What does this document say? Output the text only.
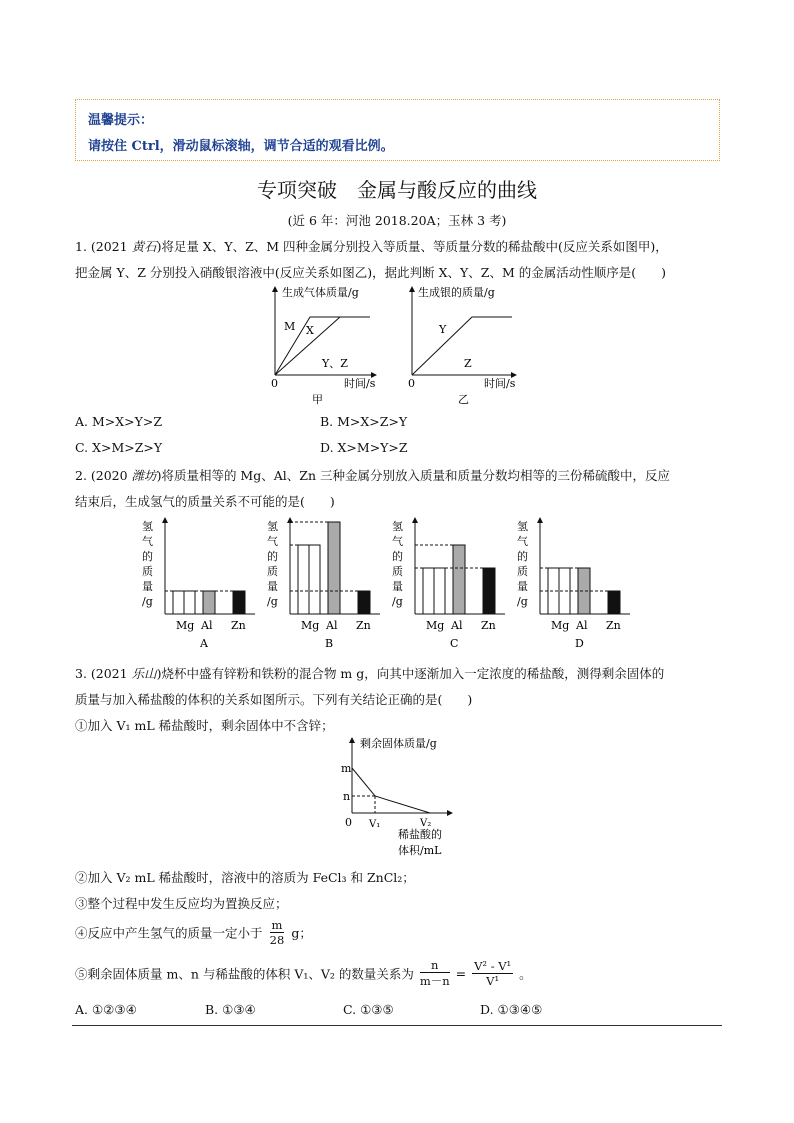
温馨提示：
请按住 Ctrl，滑动鼠标滚轴，调节合适的观看比例。
专项突破　金属与酸反应的曲线
(近 6 年：河池 2018.20A；玉林 3 考)
1. (2021 黄石)将足量 X、Y、Z、M 四种金属分别投入等质量、等质量分数的稀盐酸中(反应关系如图甲)，
把金属 Y、Z 分别投入硝酸银溶液中(反应关系如图乙)，据此判断 X、Y、Z、M 的金属活动性顺序是(　　)
生成气体质量/g
M X
Y、Z
0	时间/s
甲
生成银的质量/g
Y
Z
0	时间/s
乙
A. M>X>Y>Z	B. M>X>Z>Y
C. X>M>Z>Y	D. X>M>Y>Z
2. (2020 潍坊)将质量相等的 Mg、Al、Zn 三种金属分别放入质量和质量分数均相等的三份稀硫酸中，反应
结束后，生成氢气的质量关系不可能的是(　　)
氢
气
的
质
量
/g
Mg Al Zn
A
氢
气
的
质
量
/g
Mg Al Zn
B
氢
气
的
质
量
/g
Mg Al Zn
C
氢
气
的
质
量
/g
Mg Al Zn
D
3. (2021 乐山)烧杯中盛有锌粉和铁粉的混合物 m g，向其中逐渐加入一定浓度的稀盐酸，测得剩余固体的
质量与加入稀盐酸的体积的关系如图所示。下列有关结论正确的是(　　)
①加入 V₁ mL 稀盐酸时，剩余固体中不含锌；
剩余固体质量/g
m
n
0 V₁	V₂
稀盐酸的
体积/mL
②加入 V₂ mL 稀盐酸时，溶液中的溶质为 FeCl₃ 和 ZnCl₂；
③整个过程中发生反应均为置换反应；
④反应中产生氢气的质量一定小于 $\frac{m}{28}$ g；
⑤剩余固体质量 m、n 与稀盐酸的体积 V₁、V₂ 的数量关系为 $\frac{n}{m-n} = \frac{\text{V² - V¹}}{\text{V¹}}$ 。
A. ①②③④	B. ①③④	C. ①③⑤	D. ①③④⑤
